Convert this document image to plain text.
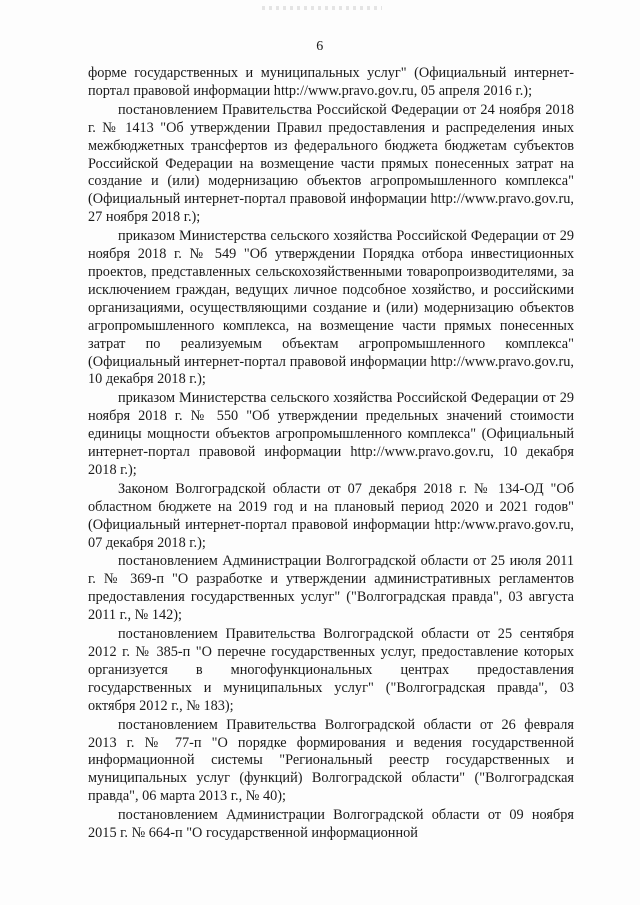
6

форме государственных и муниципальных услуг" (Официальный интернет-портал правовой информации http://www.pravo.gov.ru, 05 апреля 2016 г.);

постановлением Правительства Российской Федерации от 24 ноября 2018 г. № 1413 "Об утверждении Правил предоставления и распределения иных межбюджетных трансфертов из федерального бюджета бюджетам субъектов Российской Федерации на возмещение части прямых понесенных затрат на создание и (или) модернизацию объектов агропромышленного комплекса" (Официальный интернет-портал правовой информации http://www.pravo.gov.ru, 27 ноября 2018 г.);

приказом Министерства сельского хозяйства Российской Федерации от 29 ноября 2018 г. № 549 "Об утверждении Порядка отбора инвестиционных проектов, представленных сельскохозяйственными товаропроизводителями, за исключением граждан, ведущих личное подсобное хозяйство, и российскими организациями, осуществляющими создание и (или) модернизацию объектов агропромышленного комплекса, на возмещение части прямых понесенных затрат по реализуемым объектам агропромышленного комплекса" (Официальный интернет-портал правовой информации http://www.pravo.gov.ru, 10 декабря 2018 г.);

приказом Министерства сельского хозяйства Российской Федерации от 29 ноября 2018 г. № 550 "Об утверждении предельных значений стоимости единицы мощности объектов агропромышленного комплекса" (Официальный интернет-портал правовой информации http://www.pravo.gov.ru, 10 декабря 2018 г.);

Законом Волгоградской области от 07 декабря 2018 г. № 134-ОД "Об областном бюджете на 2019 год и на плановый период 2020 и 2021 годов" (Официальный интернет-портал правовой информации http:/www.pravo.gov.ru, 07 декабря 2018 г.);

постановлением Администрации Волгоградской области от 25 июля 2011 г. № 369-п "О разработке и утверждении административных регламентов предоставления государственных услуг" ("Волгоградская правда", 03 августа 2011 г., № 142);

постановлением Правительства Волгоградской области от 25 сентября 2012 г. № 385-п "О перечне государственных услуг, предоставление которых организуется в многофункциональных центрах предоставления государственных и муниципальных услуг" ("Волгоградская правда", 03 октября 2012 г., № 183);

постановлением Правительства Волгоградской области от 26 февраля 2013 г. № 77-п "О порядке формирования и ведения государственной информационной системы "Региональный реестр государственных и муниципальных услуг (функций) Волгоградской области" ("Волгоградская правда", 06 марта 2013 г., № 40);

постановлением Администрации Волгоградской области от 09 ноября 2015 г. № 664-п "О государственной информационной
